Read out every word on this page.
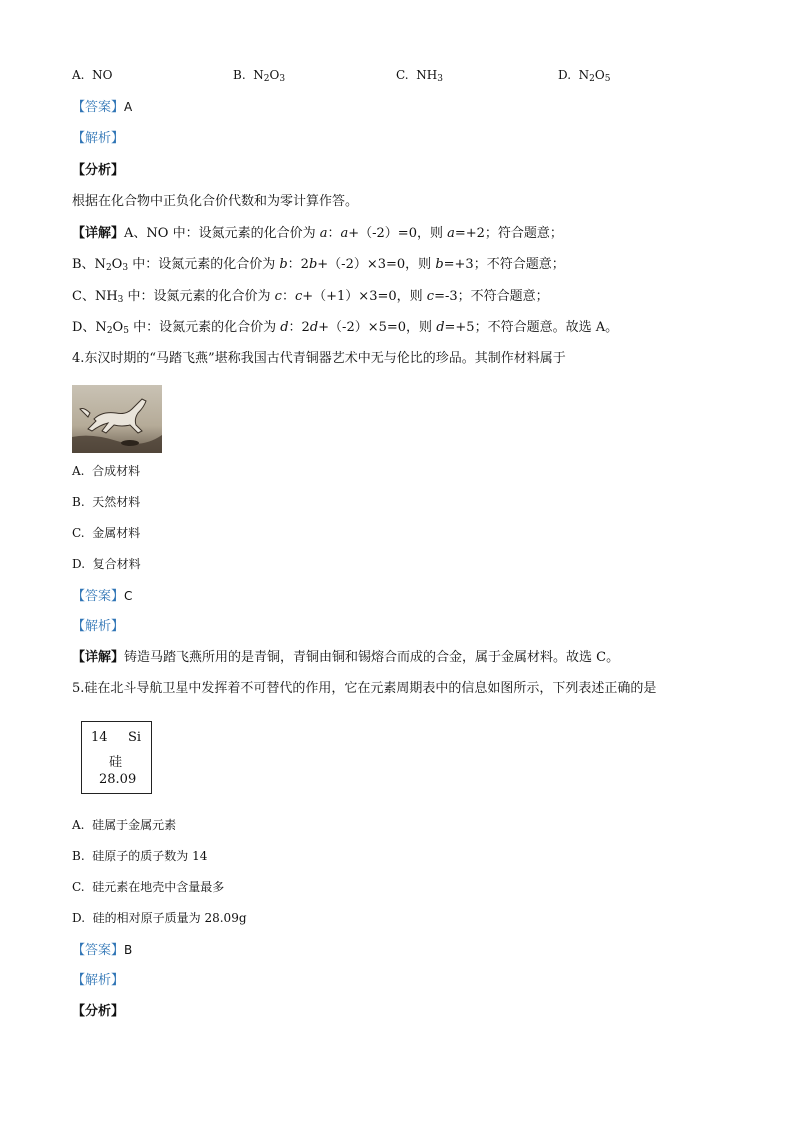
A. NO	B. $N_2O_3$	C. $NH_3$	D. $N_2O_5$
【答案】A
【解析】
【分析】
根据在化合物中正负化合价代数和为零计算作答。
【详解】A、NO 中：设氮元素的化合价为 a：a+（-2）=0，则 a=+2；符合题意；
B、$N_2O_3$ 中：设氮元素的化合价为 b：2b+（-2）×3=0，则 b=+3；不符合题意；
C、$NH_3$ 中：设氮元素的化合价为 c：c+（+1）×3=0，则 c=-3；不符合题意；
D、$N_2O_5$ 中：设氮元素的化合价为 d：2d+（-2）×5=0，则 d=+5；不符合题意。故选 A。
4.东汉时期的“马踏飞燕”堪称我国古代青铜器艺术中无与伦比的珍品。其制作材料属于
A. 合成材料
B. 天然材料
C. 金属材料
D. 复合材料
【答案】C
【解析】
【详解】铸造马踏飞燕所用的是青铜，青铜由铜和锡熔合而成的合金，属于金属材料。故选 C。
5.硅在北斗导航卫星中发挥着不可替代的作用，它在元素周期表中的信息如图所示，下列表述正确的是
14 Si
硅
28.09
A. 硅属于金属元素
B. 硅原子的质子数为 14
C. 硅元素在地壳中含量最多
D. 硅的相对原子质量为 28.09g
【答案】B
【解析】
【分析】
